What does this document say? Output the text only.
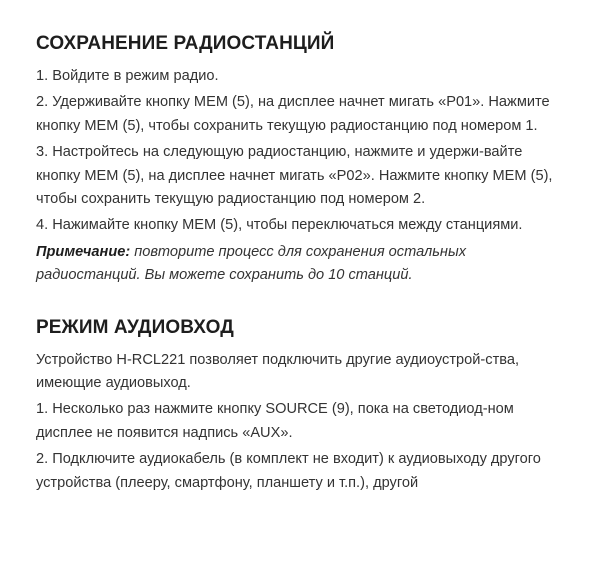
СОХРАНЕНИЕ РАДИОСТАНЦИЙ

1. Войдите в режим радио.

2. Удерживайте кнопку MEM (5), на дисплее начнет мигать «P01». Нажмите кнопку MEM (5), чтобы сохранить текущую радиостанцию под номером 1.

3. Настройтесь на следующую радиостанцию, нажмите и удержи-вайте кнопку MEM (5), на дисплее начнет мигать «P02». Нажмите кнопку MEM (5), чтобы сохранить текущую радиостанцию под номером 2.

4. Нажимайте кнопку MEM (5), чтобы переключаться между станциями.

Примечание: повторите процесс для сохранения остальных радиостанций. Вы можете сохранить до 10 станций.

РЕЖИМ АУДИОВХОД

Устройство H-RCL221 позволяет подключить другие аудиоустрой-ства, имеющие аудиовыход.

1. Несколько раз нажмите кнопку SOURCE (9), пока на светодиод-ном дисплее не появится надпись «AUX».

2. Подключите аудиокабель (в комплект не входит) к аудиовыходу другого устройства (плееру, смартфону, планшету и т.п.), другой
